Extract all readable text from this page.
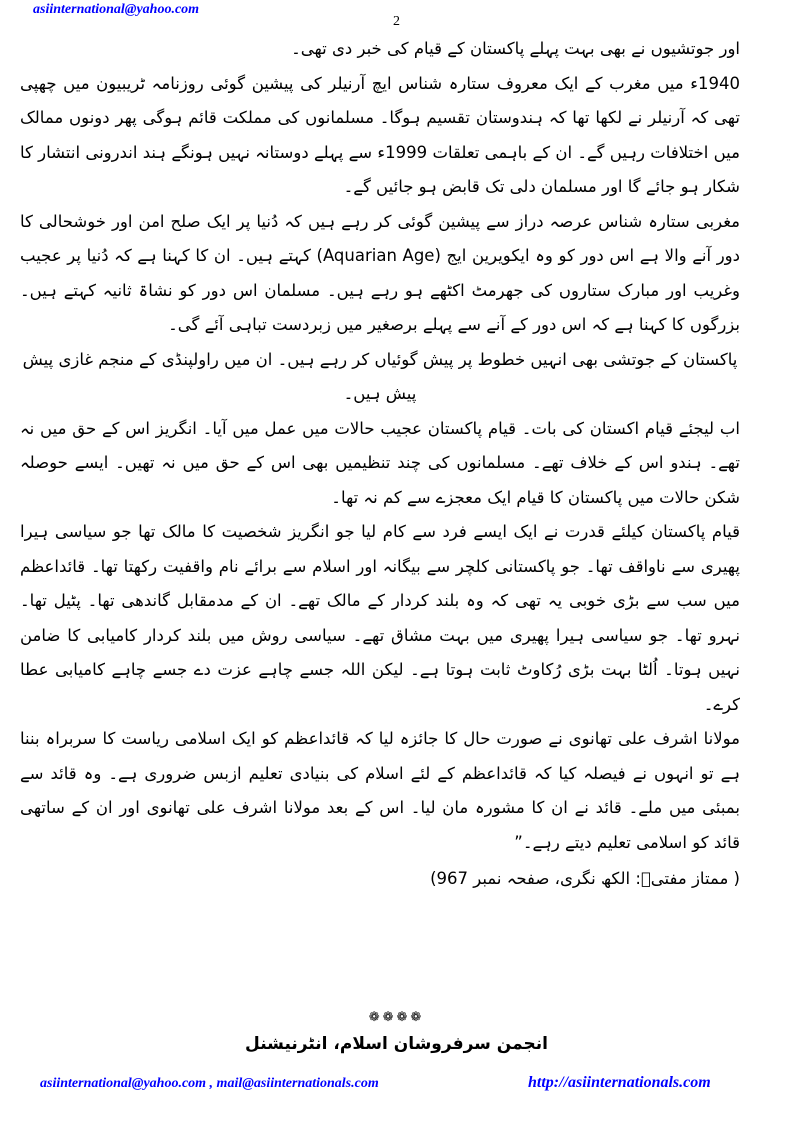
asiinternational@yahoo.com
2

اور جوتشیوں نے بھی بہت پہلے پاکستان کے قیام کی خبر دی تھی۔

1940ء میں مغرب کے ایک معروف ستارہ شناس ایچ آرنیلر کی پیشین گوئی روزنامہ ٹریبیون میں چھپی تھی کہ آرنیلر نے لکھا تھا کہ ہندوستان تقسیم ہوگا۔ مسلمانوں کی مملکت قائم ہوگی پھر دونوں ممالک میں اختلافات رہیں گے۔ ان کے باہمی تعلقات 1999ء سے پہلے دوستانہ نہیں ہونگے ہند اندرونی انتشار کا شکار ہو جائے گا اور مسلمان دلی تک قابض ہو جائیں گے۔

مغربی ستارہ شناس عرصہ دراز سے پیشین گوئی کر رہے ہیں کہ دُنیا پر ایک صلح امن اور خوشحالی کا دور آنے والا ہے اس دور کو وہ ایکویرین ایج (Aquarian Age) کہتے ہیں۔ ان کا کہنا ہے کہ دُنیا پر عجیب وغریب اور مبارک ستاروں کی جھرمٹ اکٹھے ہو رہے ہیں۔ مسلمان اس دور کو نشاۃ ثانیہ کہتے ہیں۔ بزرگوں کا کہنا ہے کہ اس دور کے آنے سے پہلے برصغیر میں زبردست تباہی آئے گی۔

پاکستان کے جوتشی بھی انہیں خطوط پر پیش گوئیاں کر رہے ہیں۔ ان میں راولپنڈی کے منجم غازی پیش پیش ہیں۔

اب لیجئے قیام اکستان کی بات۔ قیام پاکستان عجیب حالات میں عمل میں آیا۔ انگریز اس کے حق میں نہ تھے۔ ہندو اس کے خلاف تھے۔ مسلمانوں کی چند تنظیمیں بھی اس کے حق میں نہ تھیں۔ ایسے حوصلہ شکن حالات میں پاکستان کا قیام ایک معجزے سے کم نہ تھا۔

قیام پاکستان کیلئے قدرت نے ایک ایسے فرد سے کام لیا جو انگریز شخصیت کا مالک تھا جو سیاسی ہیرا پھیری سے ناواقف تھا۔ جو پاکستانی کلچر سے بیگانہ اور اسلام سے برائے نام واقفیت رکھتا تھا۔ قائداعظم میں سب سے بڑی خوبی یہ تھی کہ وہ بلند کردار کے مالک تھے۔ ان کے مدمقابل گاندھی تھا۔ پٹیل تھا۔ نہرو تھا۔ جو سیاسی ہیرا پھیری میں بہت مشاق تھے۔ سیاسی روش میں بلند کردار کامیابی کا ضامن نہیں ہوتا۔ اُلٹا بہت بڑی رُکاوٹ ثابت ہوتا ہے۔ لیکن اللہ جسے چاہے عزت دے جسے چاہے کامیابی عطا کرے۔

مولانا اشرف علی تھانوی نے صورت حال کا جائزہ لیا کہ قائداعظم کو ایک اسلامی ریاست کا سربراہ بننا ہے تو انہوں نے فیصلہ کیا کہ قائداعظم کے لئے اسلام کی بنیادی تعلیم ازبس ضروری ہے۔ وہ قائد سے بمبئی میں ملے۔ قائد نے ان کا مشورہ مان لیا۔ اس کے بعد مولانا اشرف علی تھانوی اور ان کے ساتھی قائد کو اسلامی تعلیم دیتے رہے۔”

( ممتاز مفتیؒ: الکھ نگری، صفحہ نمبر 967)
❁❁❁❁
انجمن سرفروشان اسلام، انٹرنیشنل
asiinternational@yahoo.com , mail@asiinternationals.com	http://asiinternationals.com
